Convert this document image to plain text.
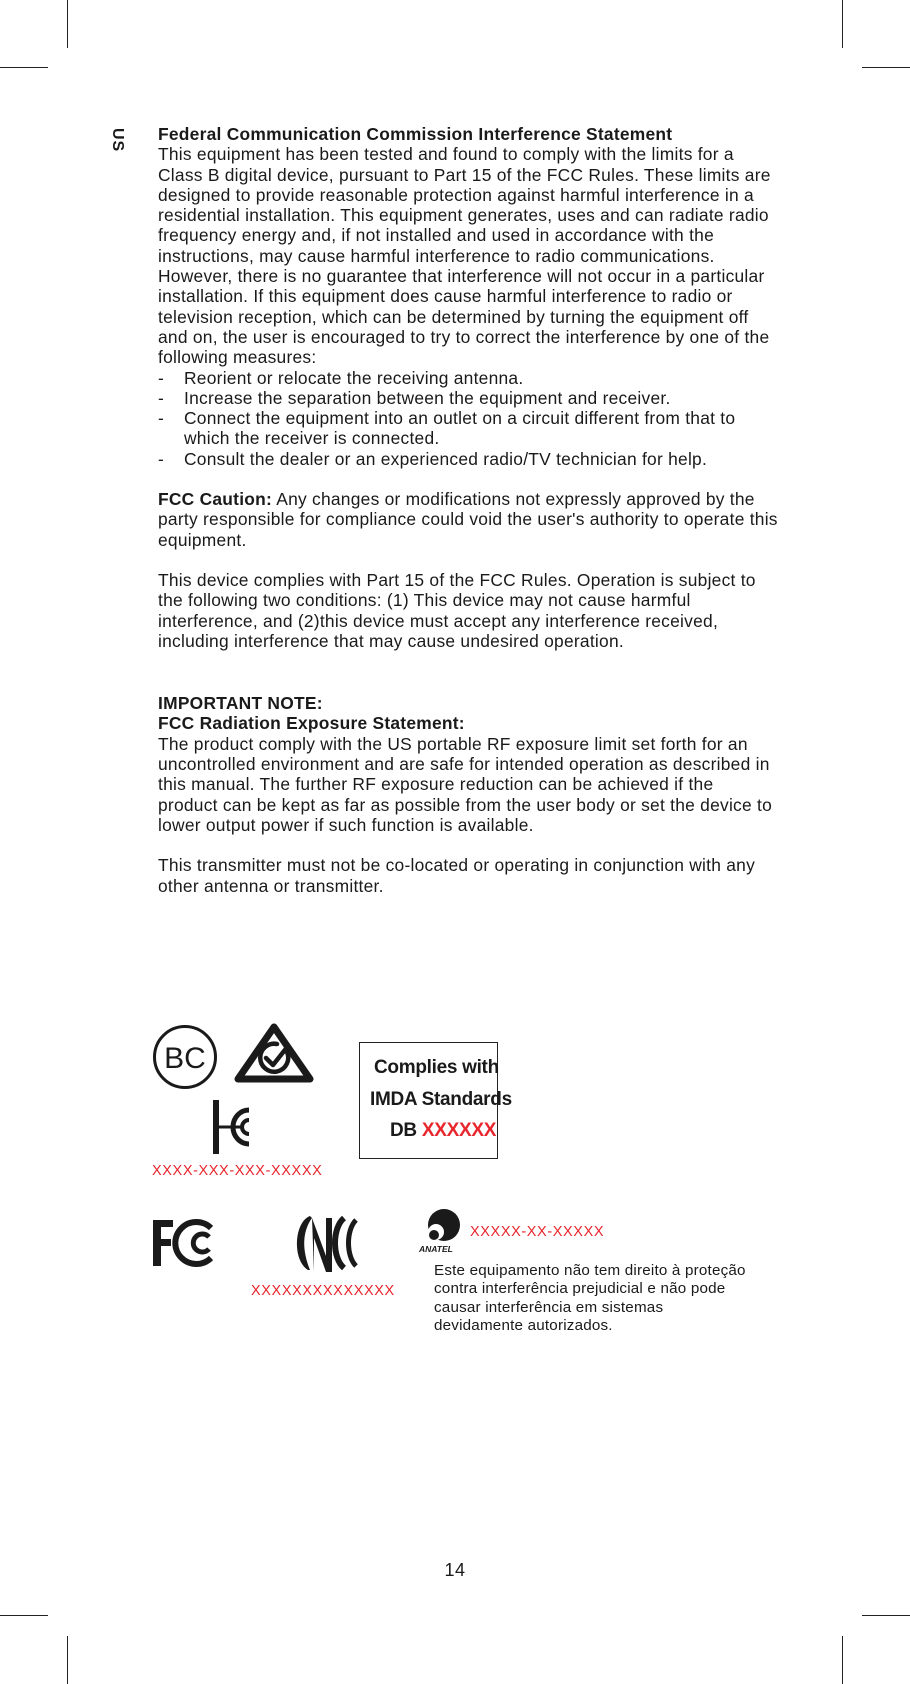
US Federal Communication Commission Interference Statement

This equipment has been tested and found to comply with the limits for a Class B digital device, pursuant to Part 15 of the FCC Rules. These limits are designed to provide reasonable protection against harmful interference in a residential installation. This equipment generates, uses and can radiate radio frequency energy and, if not installed and used in accordance with the instructions, may cause harmful interference to radio communications. However, there is no guarantee that interference will not occur in a particular installation. If this equipment does cause harmful interference to radio or television reception, which can be determined by turning the equipment off and on, the user is encouraged to try to correct the interference by one of the following measures:

- Reorient or relocate the receiving antenna.
- Increase the separation between the equipment and receiver.
- Connect the equipment into an outlet on a circuit different from that to which the receiver is connected.
- Consult the dealer or an experienced radio/TV technician for help.

FCC Caution: Any changes or modifications not expressly approved by the party responsible for compliance could void the user's authority to operate this equipment.

This device complies with Part 15 of the FCC Rules. Operation is subject to the following two conditions: (1) This device may not cause harmful interference, and (2)this device must accept any interference received, including interference that may cause undesired operation.

IMPORTANT NOTE:

FCC Radiation Exposure Statement:

The product comply with the US portable RF exposure limit set forth for an uncontrolled environment and are safe for intended operation as described in this manual. The further RF exposure reduction can be achieved if the product can be kept as far as possible from the user body or set the device to lower output power if such function is available.

This transmitter must not be co-located or operating in conjunction with any other antenna or transmitter.

BC
XXXX-XXX-XXX-XXXXX
Complies with
IMDA Standards
DB XXXXXX
XXXXXXXXXXXXXX
ANATEL
XXXXX-XX-XXXXX
Este equipamento não tem direito à proteção contra interferência prejudicial e não pode causar interferência em sistemas devidamente autorizados.
14
